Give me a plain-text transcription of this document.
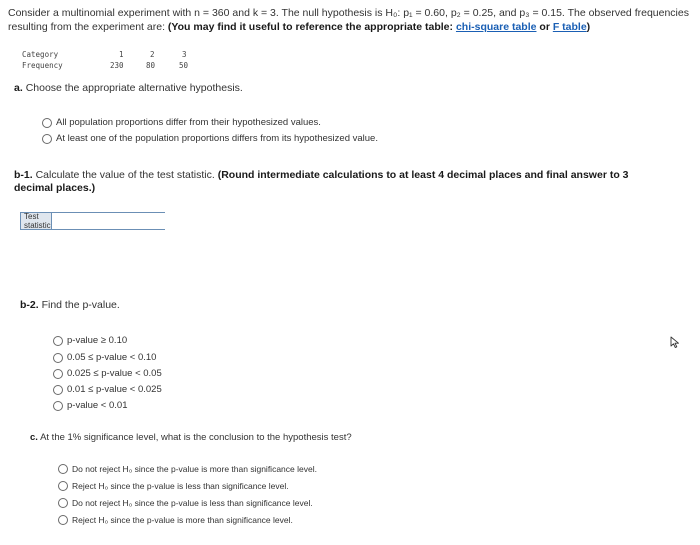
Consider a multinomial experiment with n = 360 and k = 3. The null hypothesis is H₀: p₁ = 0.60, p₂ = 0.25, and p₃ = 0.15. The observed frequencies resulting from the experiment are: (You may find it useful to reference the appropriate table: chi-square table or F table)
Category	1	2	3
Frequency	230	80	50
a. Choose the appropriate alternative hypothesis.
All population proportions differ from their hypothesized values.
At least one of the population proportions differs from its hypothesized value.
b-1. Calculate the value of the test statistic. (Round intermediate calculations to at least 4 decimal places and final answer to 3 decimal places.)
Test statistic
b-2. Find the p-value.
p-value ≥ 0.10
0.05 ≤ p-value < 0.10
0.025 ≤ p-value < 0.05
0.01 ≤ p-value < 0.025
p-value < 0.01
c. At the 1% significance level, what is the conclusion to the hypothesis test?
Do not reject H₀ since the p-value is more than significance level.
Reject H₀ since the p-value is less than significance level.
Do not reject H₀ since the p-value is less than significance level.
Reject H₀ since the p-value is more than significance level.
